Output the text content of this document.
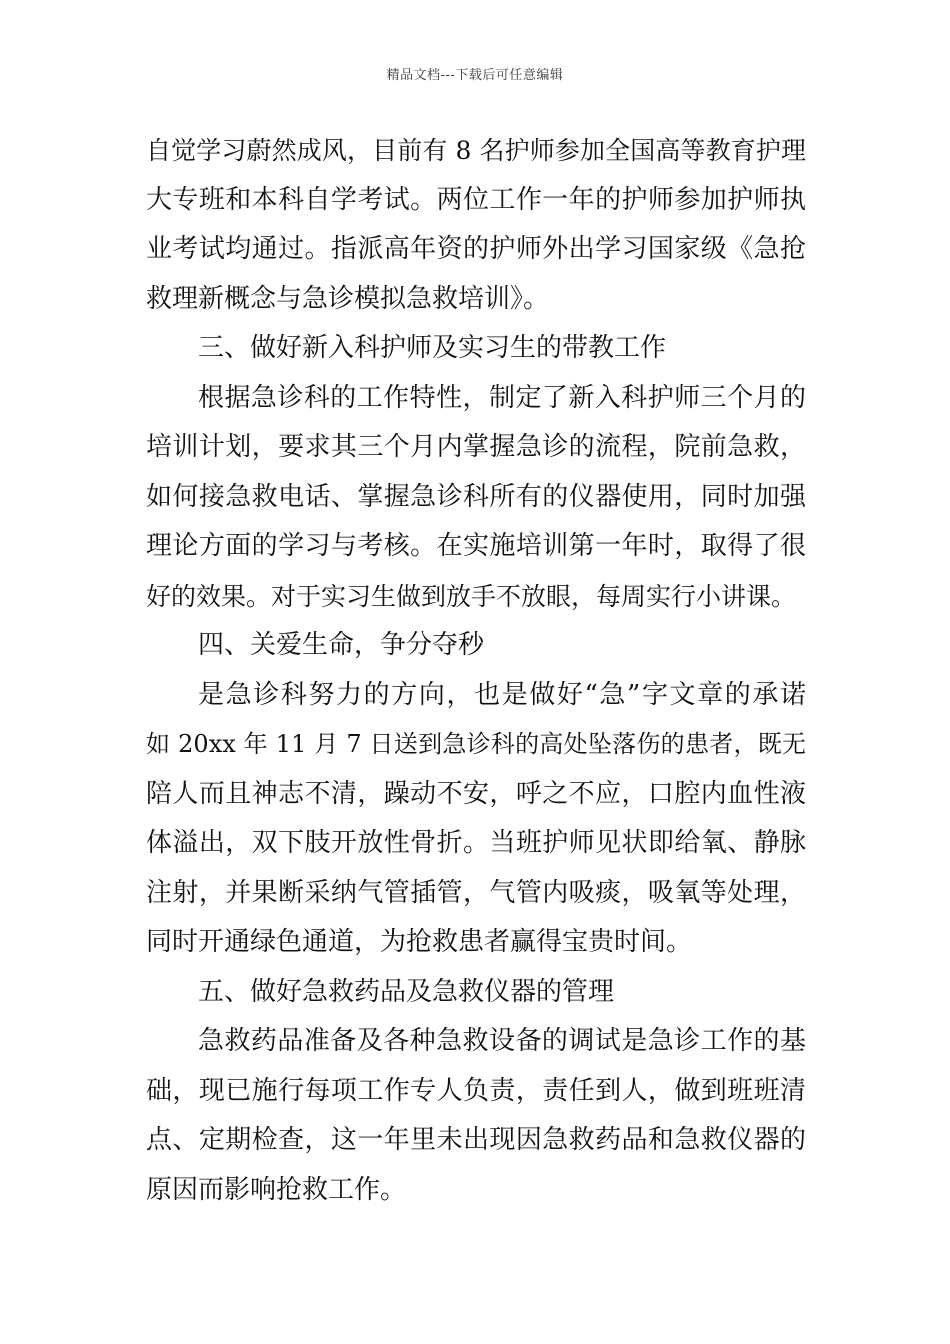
精品文档---下载后可任意编辑
自觉学习蔚然成风，目前有 8 名护师参加全国高等教育护理
大专班和本科自学考试。两位工作一年的护师参加护师执
业考试均通过。指派高年资的护师外出学习国家级《急抢
救理新概念与急诊模拟急救培训》。
三、做好新入科护师及实习生的带教工作
根据急诊科的工作特性，制定了新入科护师三个月的
培训计划，要求其三个月内掌握急诊的流程，院前急救，
如何接急救电话、掌握急诊科所有的仪器使用，同时加强
理论方面的学习与考核。在实施培训第一年时，取得了很
好的效果。对于实习生做到放手不放眼，每周实行小讲课。
四、关爱生命，争分夺秒
是急诊科努力的方向，也是做好“急”字文章的承诺
如 20xx 年 11 月 7 日送到急诊科的高处坠落伤的患者，既无
陪人而且神志不清，躁动不安，呼之不应，口腔内血性液
体溢出，双下肢开放性骨折。当班护师见状即给氧、静脉
注射，并果断采纳气管插管，气管内吸痰，吸氧等处理，
同时开通绿色通道，为抢救患者赢得宝贵时间。
五、做好急救药品及急救仪器的管理
急救药品准备及各种急救设备的调试是急诊工作的基
础，现已施行每项工作专人负责，责任到人，做到班班清
点、定期检查，这一年里未出现因急救药品和急救仪器的
原因而影响抢救工作。
